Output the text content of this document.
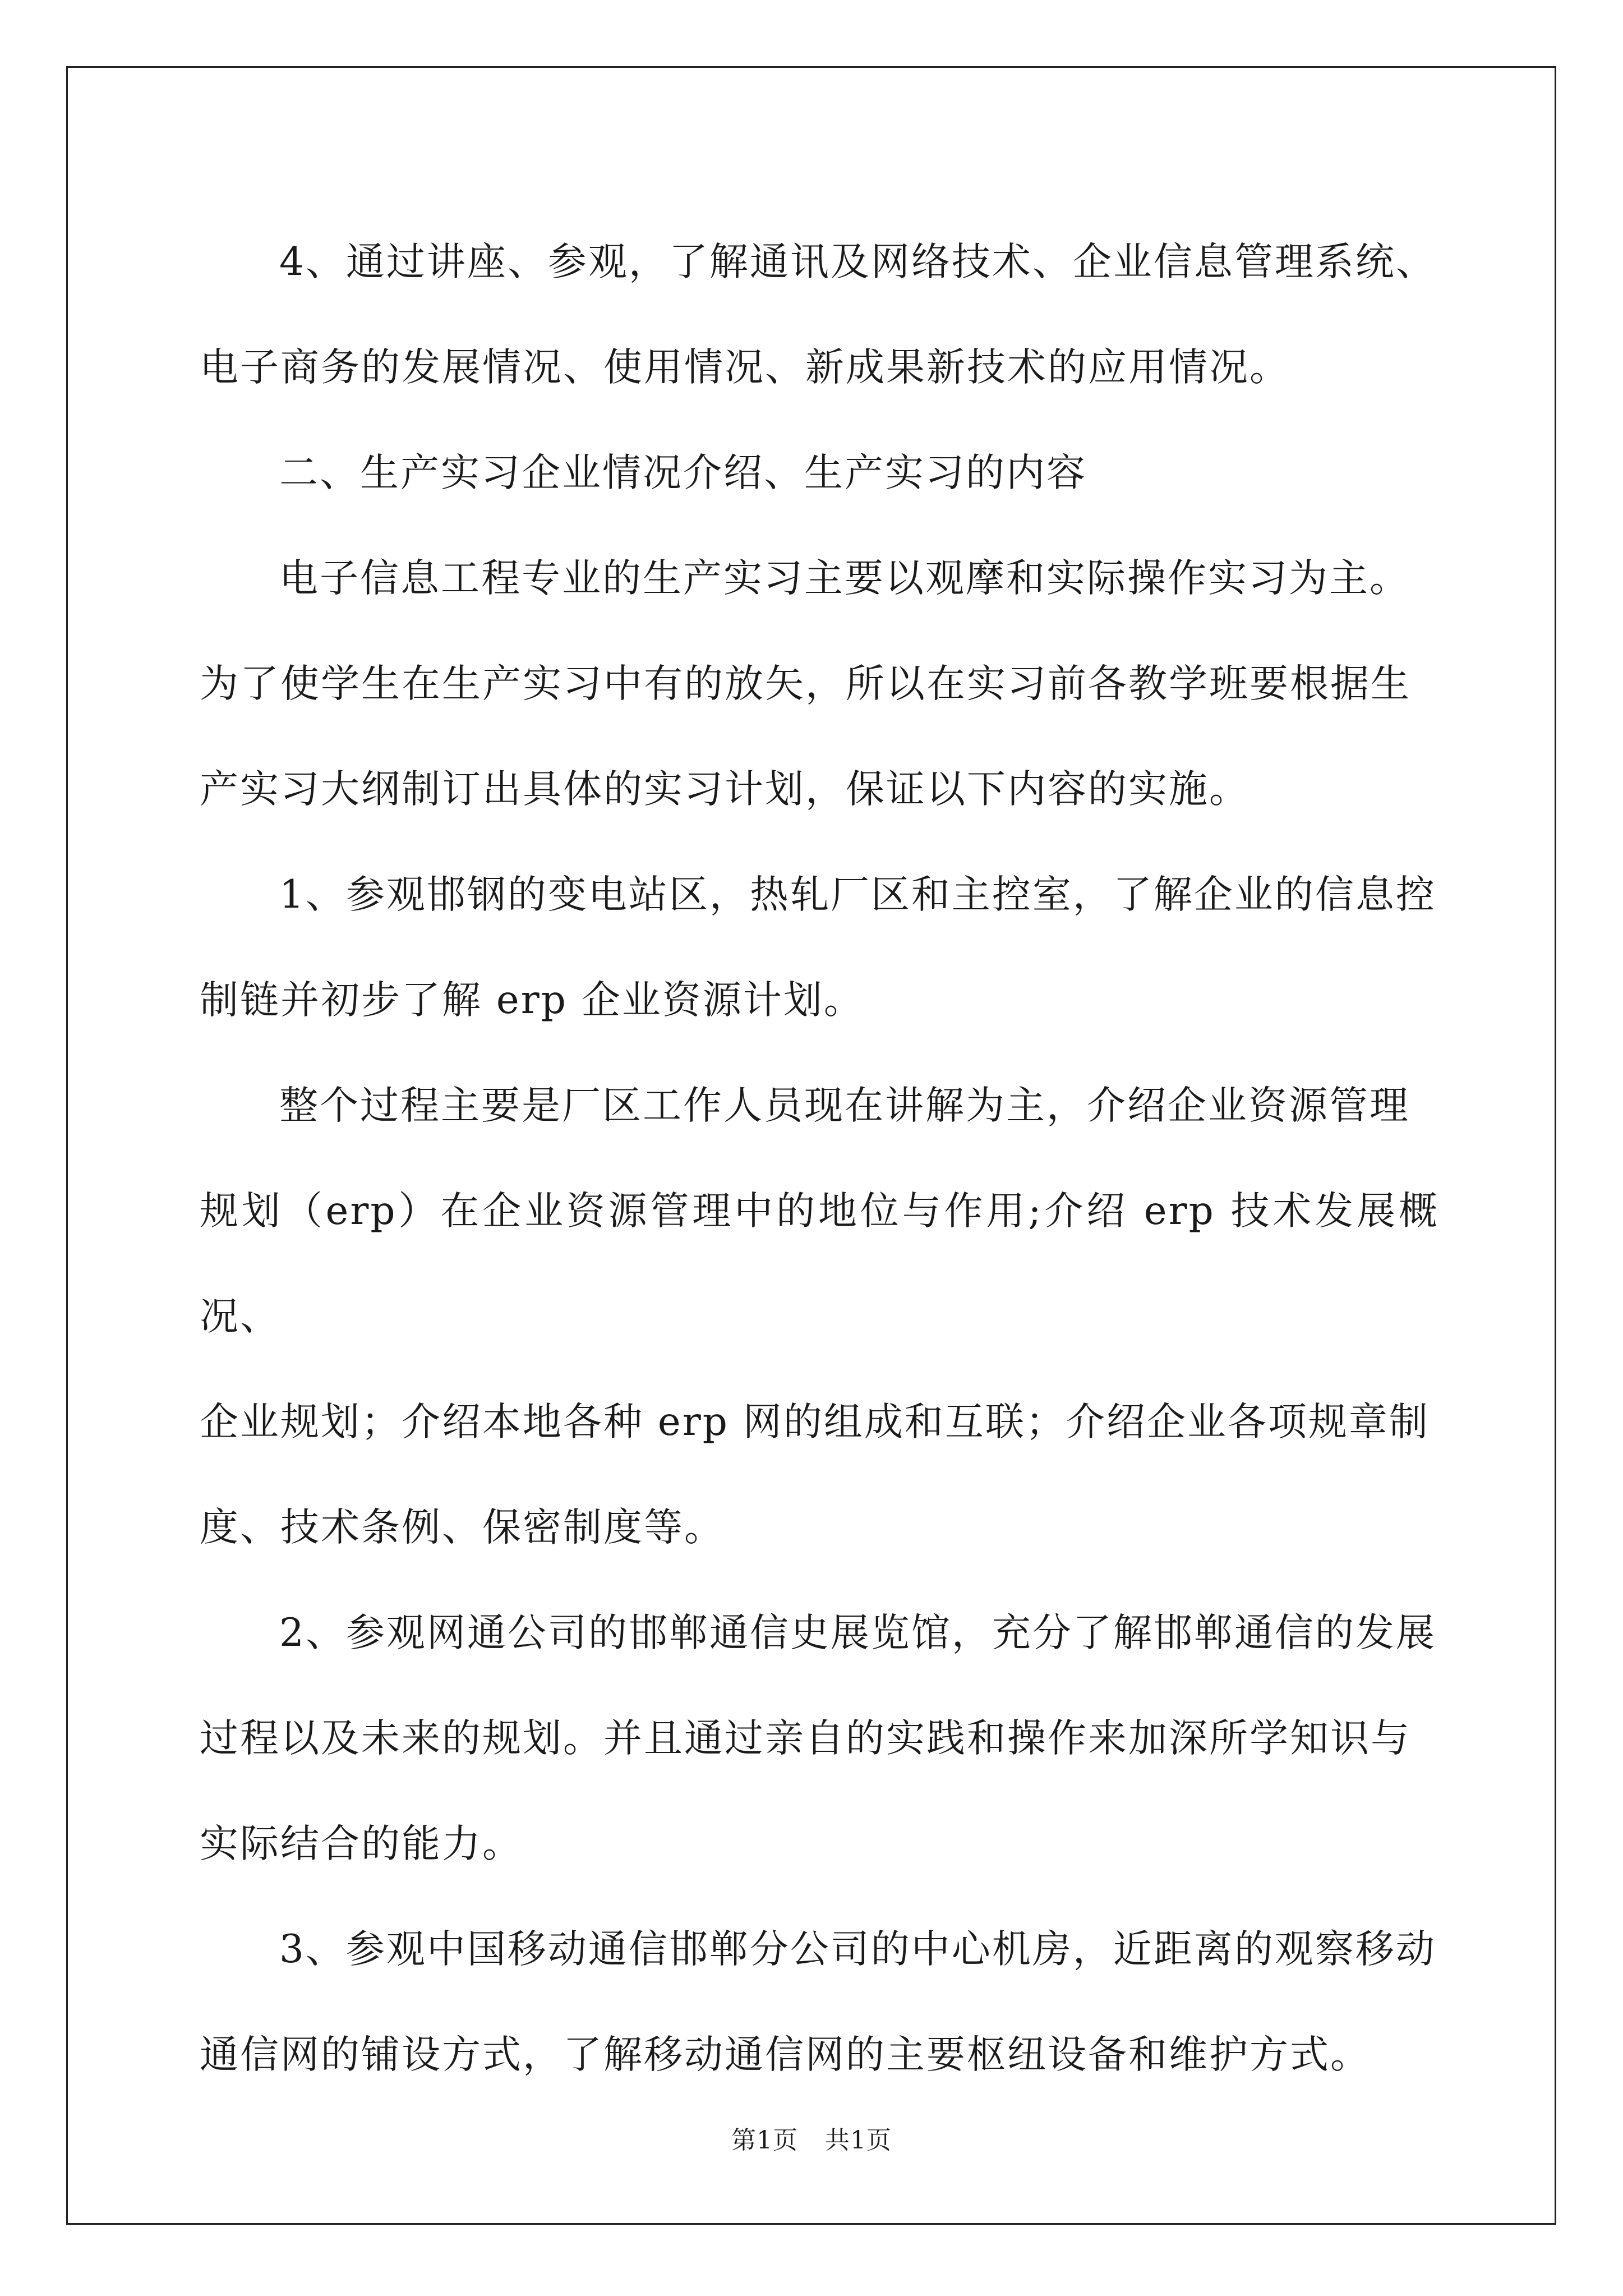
4、通过讲座、参观，了解通讯及网络技术、企业信息管理系统、
电子商务的发展情况、使用情况、新成果新技术的应用情况。

二、生产实习企业情况介绍、生产实习的内容

电子信息工程专业的生产实习主要以观摩和实际操作实习为主。
为了使学生在生产实习中有的放矢，所以在实习前各教学班要根据生
产实习大纲制订出具体的实习计划，保证以下内容的实施。

1、参观邯钢的变电站区，热轧厂区和主控室，了解企业的信息控
制链并初步了解 erp 企业资源计划。

整个过程主要是厂区工作人员现在讲解为主，介绍企业资源管理
规划（erp）在企业资源管理中的地位与作用;介绍 erp 技术发展概况、
企业规划；介绍本地各种 erp 网的组成和互联；介绍企业各项规章制
度、技术条例、保密制度等。

2、参观网通公司的邯郸通信史展览馆，充分了解邯郸通信的发展
过程以及未来的规划。并且通过亲自的实践和操作来加深所学知识与
实际结合的能力。

3、参观中国移动通信邯郸分公司的中心机房，近距离的观察移动
通信网的铺设方式，了解移动通信网的主要枢纽设备和维护方式。

第1页 共1页
